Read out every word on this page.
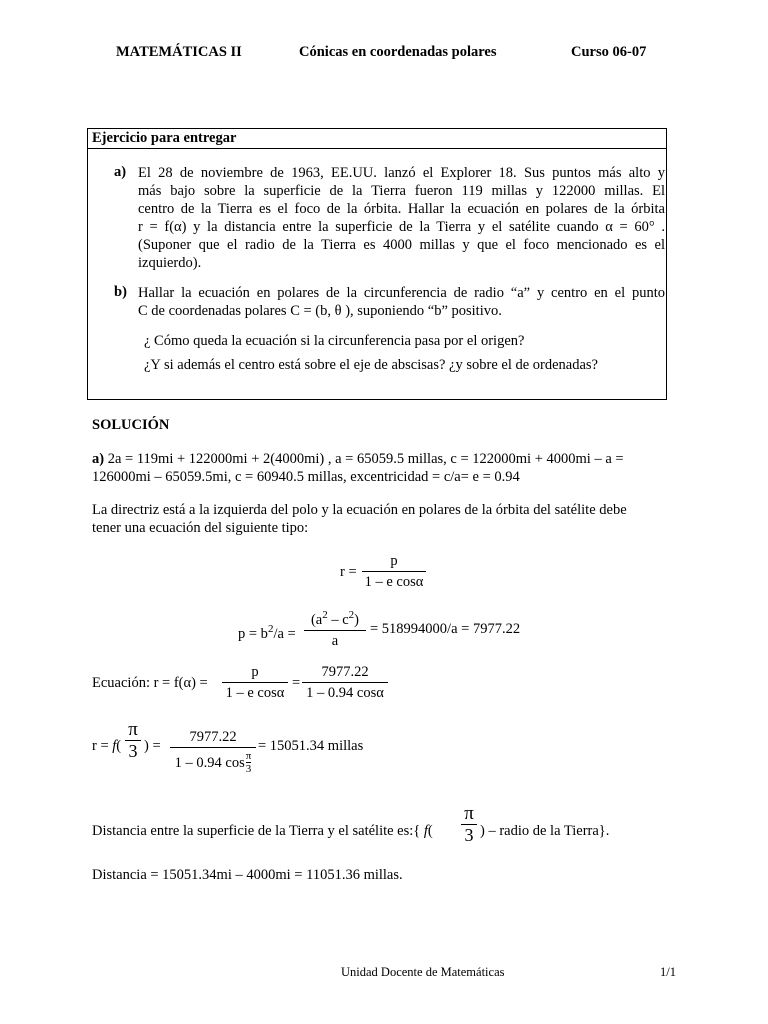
MATEMÁTICAS II	Cónicas en coordenadas polares	Curso 06-07
Ejercicio para entregar
a) El 28 de noviembre de 1963, EE.UU. lanzó el Explorer 18. Sus puntos más alto y
más bajo sobre la superficie de la Tierra fueron 119 millas y 122000 millas. El
centro de la Tierra es el foco de la órbita. Hallar la ecuación en polares de la órbita
r = f(α) y la distancia entre la superficie de la Tierra y el satélite cuando α = 60° .
(Suponer que el radio de la Tierra es 4000 millas y que el foco mencionado es el
izquierdo).
b) Hallar la ecuación en polares de la circunferencia de radio “a” y centro en el punto
C de coordenadas polares C = (b, θ ), suponiendo “b” positivo.
¿ Cómo queda la ecuación si la circunferencia pasa por el origen?
¿Y si además el centro está sobre el eje de abscisas? ¿y sobre el de ordenadas?
SOLUCIÓN
a) 2a = 119mi + 122000mi + 2(4000mi) , a = 65059.5 millas, c = 122000mi + 4000mi – a =
126000mi – 65059.5mi, c = 60940.5 millas, excentricidad = c/a= e = 0.94
La directriz está a la izquierda del polo y la ecuación en polares de la órbita del satélite debe
tener una ecuación del siguiente tipo:
r =
p
1 – e cosα
$p = b^2/a$ =
$(a^2 - c^2)$
a
= 518994000/a = 7977.22
Ecuación: r = f(α) =
p
1 – e cosα
=
7977.22
1 – 0.94 cosα
r = f(
π
3 ) =
7977.22
1 – 0.94 cos π
3
= 15051.34 millas
Distancia entre la superficie de la Tierra y el satélite es:{ f(
π
3 ) – radio de la Tierra}.
Distancia = 15051.34mi – 4000mi = 11051.36 millas.
Unidad Docente de Matemáticas	1/1
